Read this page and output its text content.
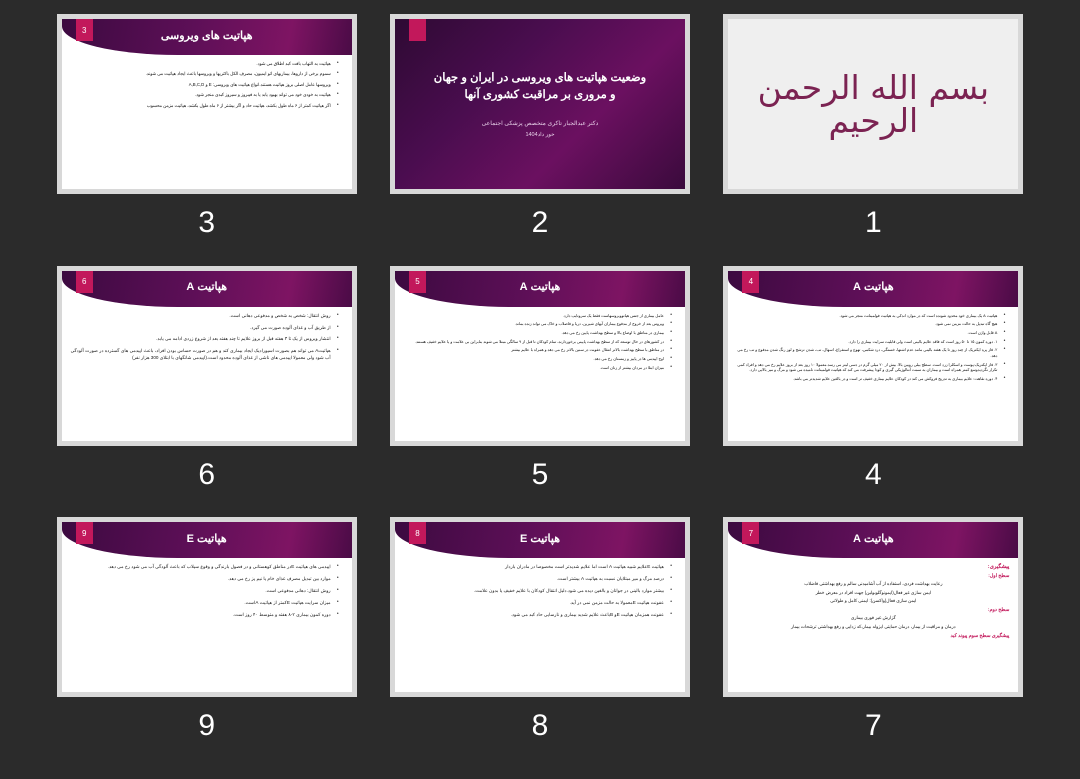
3	هپاتیت های ویروسی
• هپاتیت به التهاب بافت کبد اطلاق می شود.
• سموم برخی از داروها، بیماریهای اتو ایمیون، مصرف الکل باکتریها و ویروسها باعث ایجاد هپاتیت می شوند.
• ویروسها عامل اصلی بروز هپاتیت هستند.انواع هپاتیت های ویروسی: E و A,B,C,D
• هپاتیت به خودی خود می تواند بهبود یابد یا به فیبروز و سیروز کبدی منجر شود.
• اگر هپاتیت کمتر از ۶ ماه طول بکشد، هپاتیت حاد و اگر بیشتر از ۶ ماه طول بکشد، هپاتیت مزمن محسوب
3
وضعیت هپاتیت های ویروسی در ایران و جهان
و مروری بر مراقبت کشوری آنها
دکتر عبدالجبار تاکری متخصص پزشکی اجتماعی
خور داد1404
2
بسم الله الرحمن الرحیم
1
6	هپاتیت A
• روش انتقال: شخص به شخص و مدفوعی دهانی است.
• از طریق آب و غذای آلوده صورت می گیرد.
• انتشار ویروس از یک تا ۳ هفته قبل از بروز علایم تا چند هفته بعد از شروع زردی ادامه می یابد.
• هپاتیتA می تواند هم بصورت اسپورادیک ایجاد بیماری کند و هم در صورت حساس بودن افراد، باعث اپیدمی های گسترده در صورت آلودگی آب شود ولی معمولا اپیدمی های ناشی از غذای آلوده محدود است.(اپیدمی شانگهای با ابتلای 300 هزار نفر)
6
5	هپاتیت A
• عامل بیماری از جنس هپاتوویروسهاست فقط یک سروتایپ دارد.
• ویروس بعد از خروج از مدفوع بیماران آبهای شیرین، دریا و فاضلاب و خاک می تواند زنده بماند.
• بیماری در مناطق با اوضاع بالا و سطح بهداشت پایین رخ می دهد.
• در کشورهای در حال توسعه که از سطح بهداشت پایینی برخوردارند، تمام کودکان تا قبل از ۹ سالگی مبتلا می شوند بنابراین بی علامت و یا علایم خفیف هستند.
• در مناطق با سطح بهداشت بالاتر انتقال عفونت در سنین بالاتر رخ می دهد و همراه با علایم بیشتر
• اوج اپیدمی ها در پاییز و زمستان رخ می دهد.
• میزان ابتلا در مردان بیشتر از زنان است.
5
4	هپاتیت A
• هپاتیت A یک بیماری خود محدود شونده است که در موارد اندکی به هپاتیت فولمینانت منجر می شود.
• هیچ گاه تبدیل به حالت مزمن نمی شود.
• A قابل واژن است.
• ۱. دوره کمون ۱۵ تا ۵۰ روز است که فاقد علایم بالینی است ولی قابلیت سرایت بیماری را دارد.
• ۲. فاز پره ایکتریک از چند روز تا یک هفته بالینی مانند عدم اشتها، خستگی، درد شکمی، تهوع و استفراغ، اسهال، تب، شدن ترشح و لوز رنگ شدن مدفوع و تب رخ می دهد.
• ۳. فاز ایکتریک:پوست و اسکلرا زرد است. سطح بیلی روبین بالا. بیش از ۲۰ میلی گرم در دسی لیتر می رسد.معمولا ۱۰ روز بعد از بروز علایم رخ می دهد و افراد کمی تکرار نگردیدوسع کمتر همراه است و بیماران به سمت آنتالوژیکی گیری و کودا پیشرفت می کند که هپاتیت فولمینانت نامیده می شود و مرگ و میر بالایی دارد.
• ۴. دوره نقاهت: علایم بیماری به تدریج فروکش می کند در کودکان علایم بیماری خفیف تر است و در بالغین علایم شدیدتر می باشد.
4
9	هپاتیت E
• اپیدمی های هپاتیت Eدر مناطق کوهستانی و در فصول بارندگی و وقوع سیلاب که باعث آلودگی آب می شود رخ می دهد.
• موارد بین تبدیل مصرف غذای خام یا نیم پز رخ می دهد.
• روش انتقال: دهانی مدفوعی است.
• میزان سرایت هپاتیت Eکمتر از هپاتیت Aاست.
• دوره کمون بیماری ۲-۸ هفته و متوسط ۴۰ روز است.
9
8	هپاتیت E
• هپاتیت Eعلایم شبیه هپاتیت A است اما علایم شدیدتر است مخصوصا در مادران باردار
• درصد مرگ و میر مبتلایان نسبت به هپاتیت A بیشتر است.
• بیشتر موارد بالینی در جوانان و بالغین دیده می شود.دلیل انتقال کودکان با علایم خفیف یا بدون علامت.
• عفونت هپاتیت Eمعمولا به حالت مزمن نمی در آید.
• عفونت همزمان هپاتیت Eو Bباعث علایم شدید بیماری و نارسایی حاد کبد می شود.
8
7	هپاتیت A
پیشگیری:
سطح اول:
رعایت بهداشت فردی، استفاده از آب آشامیدنی سالم و رفع بهداشتی فاضلاب
ایمن سازی غیر فعال(ایمونوگلوبولین) جهت افراد در معرض خطر
ایمن سازی فعال(واکسن): ایمنی کامل و طولانی
سطح دوم:
گزارش غیر فوری بیماری
درمان و مراقبت از بیمار، درمان حمایتی ایزوله بیمار،که زدایی و رفع بهداشتی ترشحات بیمار
پیشگیری سطح سوم پیوند کبد
7
